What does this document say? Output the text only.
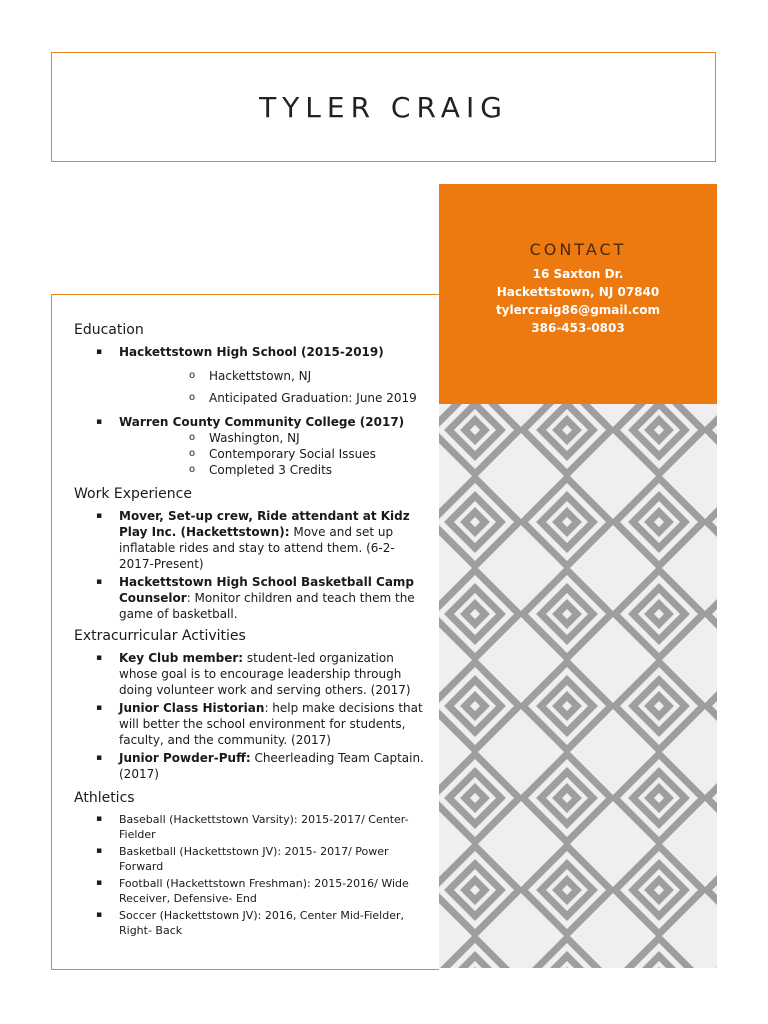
TYLER CRAIG
CONTACT
16 Saxton Dr.
Hackettstown, NJ 07840
tylercraig86@gmail.com
386-453-0803
Education
▪ Hackettstown High School (2015-2019)
o Hackettstown, NJ
o Anticipated Graduation: June 2019
▪ Warren County Community College (2017)
o Washington, NJ
o Contemporary Social Issues
o Completed 3 Credits
Work Experience
▪ Mover, Set-up crew, Ride attendant at Kidz Play Inc. (Hackettstown): Move and set up inflatable rides and stay to attend them. (6-2-2017-Present)
▪ Hackettstown High School Basketball Camp Counselor: Monitor children and teach them the game of basketball.
Extracurricular Activities
▪ Key Club member: student-led organization whose goal is to encourage leadership through doing volunteer work and serving others. (2017)
▪ Junior Class Historian: help make decisions that will better the school environment for students, faculty, and the community. (2017)
▪ Junior Powder-Puff: Cheerleading Team Captain. (2017)
Athletics
▪ Baseball (Hackettstown Varsity): 2015-2017/ Center-Fielder
▪ Basketball (Hackettstown JV): 2015- 2017/ Power Forward
▪ Football (Hackettstown Freshman): 2015-2016/ Wide Receiver, Defensive- End
▪ Soccer (Hackettstown JV): 2016, Center Mid-Fielder, Right- Back
